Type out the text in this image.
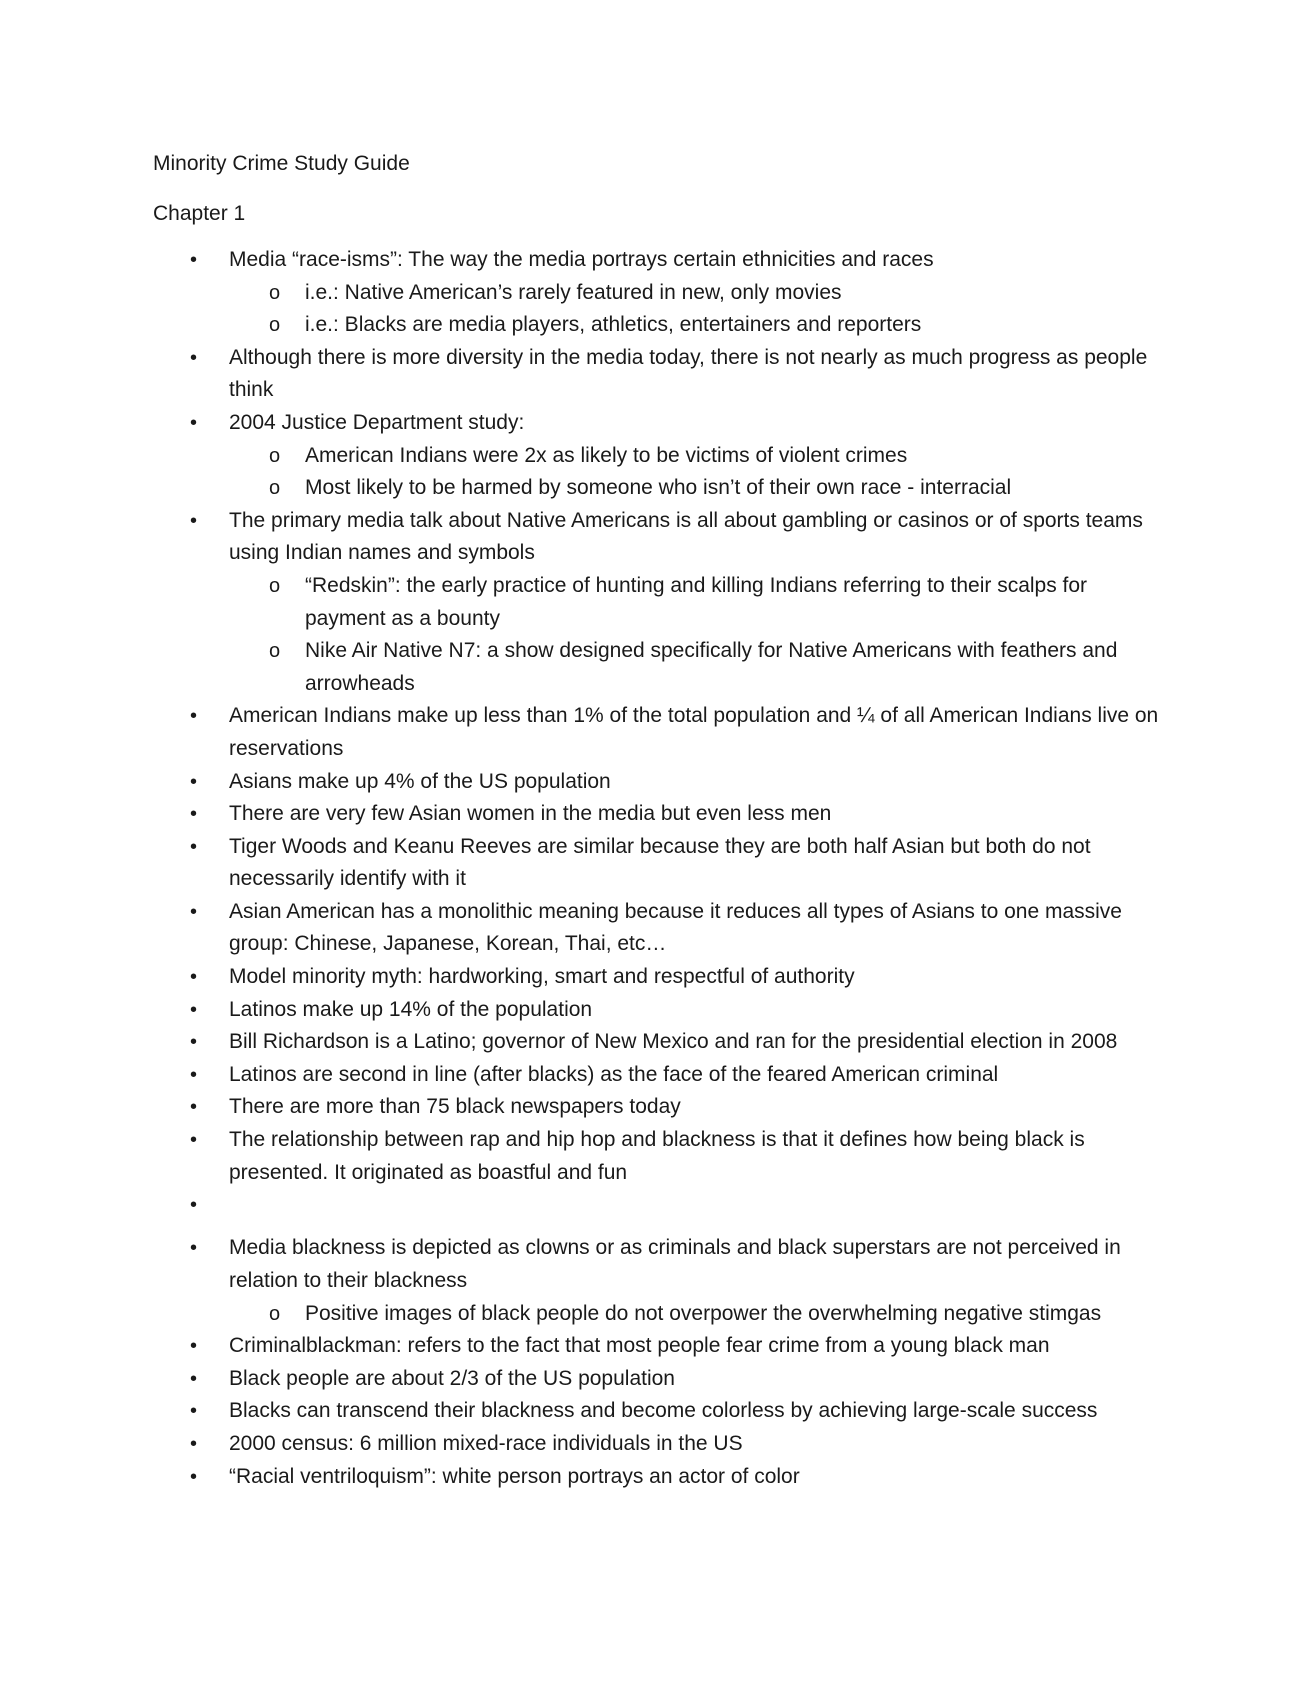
Minority Crime Study Guide
Chapter 1
• Media “race-isms”: The way the media portrays certain ethnicities and races
o i.e.: Native American’s rarely featured in new, only movies
o i.e.: Blacks are media players, athletics, entertainers and reporters
• Although there is more diversity in the media today, there is not nearly as much progress as people think
• 2004 Justice Department study:
o American Indians were 2x as likely to be victims of violent crimes
o Most likely to be harmed by someone who isn’t of their own race - interracial
• The primary media talk about Native Americans is all about gambling or casinos or of sports teams using Indian names and symbols
o “Redskin”: the early practice of hunting and killing Indians referring to their scalps for payment as a bounty
o Nike Air Native N7: a show designed specifically for Native Americans with feathers and arrowheads
• American Indians make up less than 1% of the total population and ¼ of all American Indians live on reservations
• Asians make up 4% of the US population
• There are very few Asian women in the media but even less men
• Tiger Woods and Keanu Reeves are similar because they are both half Asian but both do not necessarily identify with it
• Asian American has a monolithic meaning because it reduces all types of Asians to one massive group: Chinese, Japanese, Korean, Thai, etc…
• Model minority myth: hardworking, smart and respectful of authority
• Latinos make up 14% of the population
• Bill Richardson is a Latino; governor of New Mexico and ran for the presidential election in 2008
• Latinos are second in line (after blacks) as the face of the feared American criminal
• There are more than 75 black newspapers today
• The relationship between rap and hip hop and blackness is that it defines how being black is presented. It originated as boastful and fun
•
• Media blackness is depicted as clowns or as criminals and black superstars are not perceived in relation to their blackness
o Positive images of black people do not overpower the overwhelming negative stimgas
• Criminalblackman: refers to the fact that most people fear crime from a young black man
• Black people are about 2/3 of the US population
• Blacks can transcend their blackness and become colorless by achieving large-scale success
• 2000 census: 6 million mixed-race individuals in the US
• “Racial ventriloquism”: white person portrays an actor of color
